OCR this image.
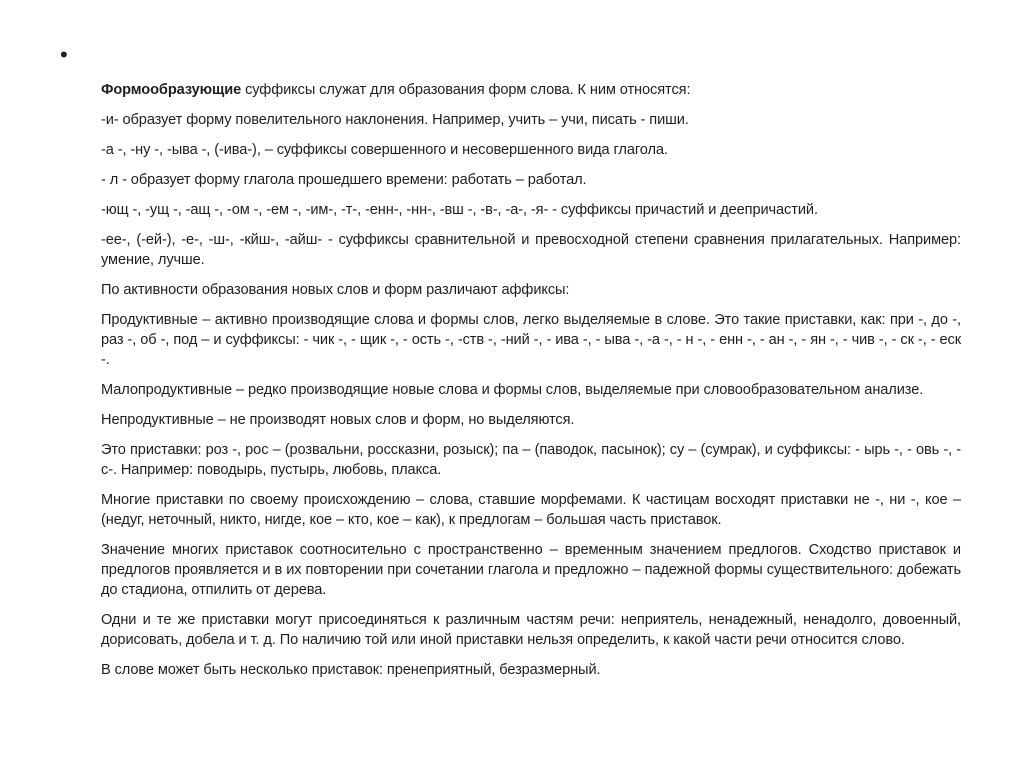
•

Формообразующие суффиксы служат для образования форм слова. К ним относятся:

-и- образует форму повелительного наклонения. Например, учить – учи, писать - пиши.

-а -, -ну -, -ыва -, (-ива-), – суффиксы совершенного и несовершенного вида глагола.

- л - образует форму глагола прошедшего времени: работать – работал.

-ющ -, -ущ -, -ащ -, -ом -, -ем -, -им-, -т-, -енн-, -нн-, -вш -, -в-, -а-, -я- - суффиксы причастий и деепричастий.

-ее-, (-ей-), -е-, -ш-, -кйш-, -айш- - суффиксы сравнительной и превосходной степени сравнения прилагательных. Например: умение, лучше.

По активности образования новых слов и форм различают аффиксы:

Продуктивные – активно производящие слова и формы слов, легко выделяемые в слове. Это такие приставки, как: при -, до -, раз -, об -, под – и суффиксы: - чик -, - щик -, - ость -, -ств -, -ний -, - ива -, - ыва -, -а -, - н -, - енн -, - ан -, - ян -, - чив -, - ск -, - еск -.

Малопродуктивные – редко производящие новые слова и формы слов, выделяемые при словообразовательном анализе.

Непродуктивные – не производят новых слов и форм, но выделяются.

Это приставки: роз -, рос – (розвальни, россказни, розыск); па – (паводок, пасынок); су – (сумрак), и суффиксы: - ырь -, - овь -, - с-. Например: поводырь, пустырь, любовь, плакса.

Многие приставки по своему происхождению – слова, ставшие морфемами. К частицам восходят приставки не -, ни -, кое – (недуг, неточный, никто, нигде, кое – кто, кое – как), к предлогам – большая часть приставок.

Значение многих приставок соотносительно с пространственно – временным значением предлогов. Сходство приставок и предлогов проявляется и в их повторении при сочетании глагола и предложно – падежной формы существительного: добежать до стадиона, отпилить от дерева.

Одни и те же приставки могут присоединяться к различным частям речи: неприятель, ненадежный, ненадолго, довоенный, дорисовать, добела и т. д. По наличию той или иной приставки нельзя определить, к какой части речи относится слово.

В слове может быть несколько приставок: пренеприятный, безразмерный.
